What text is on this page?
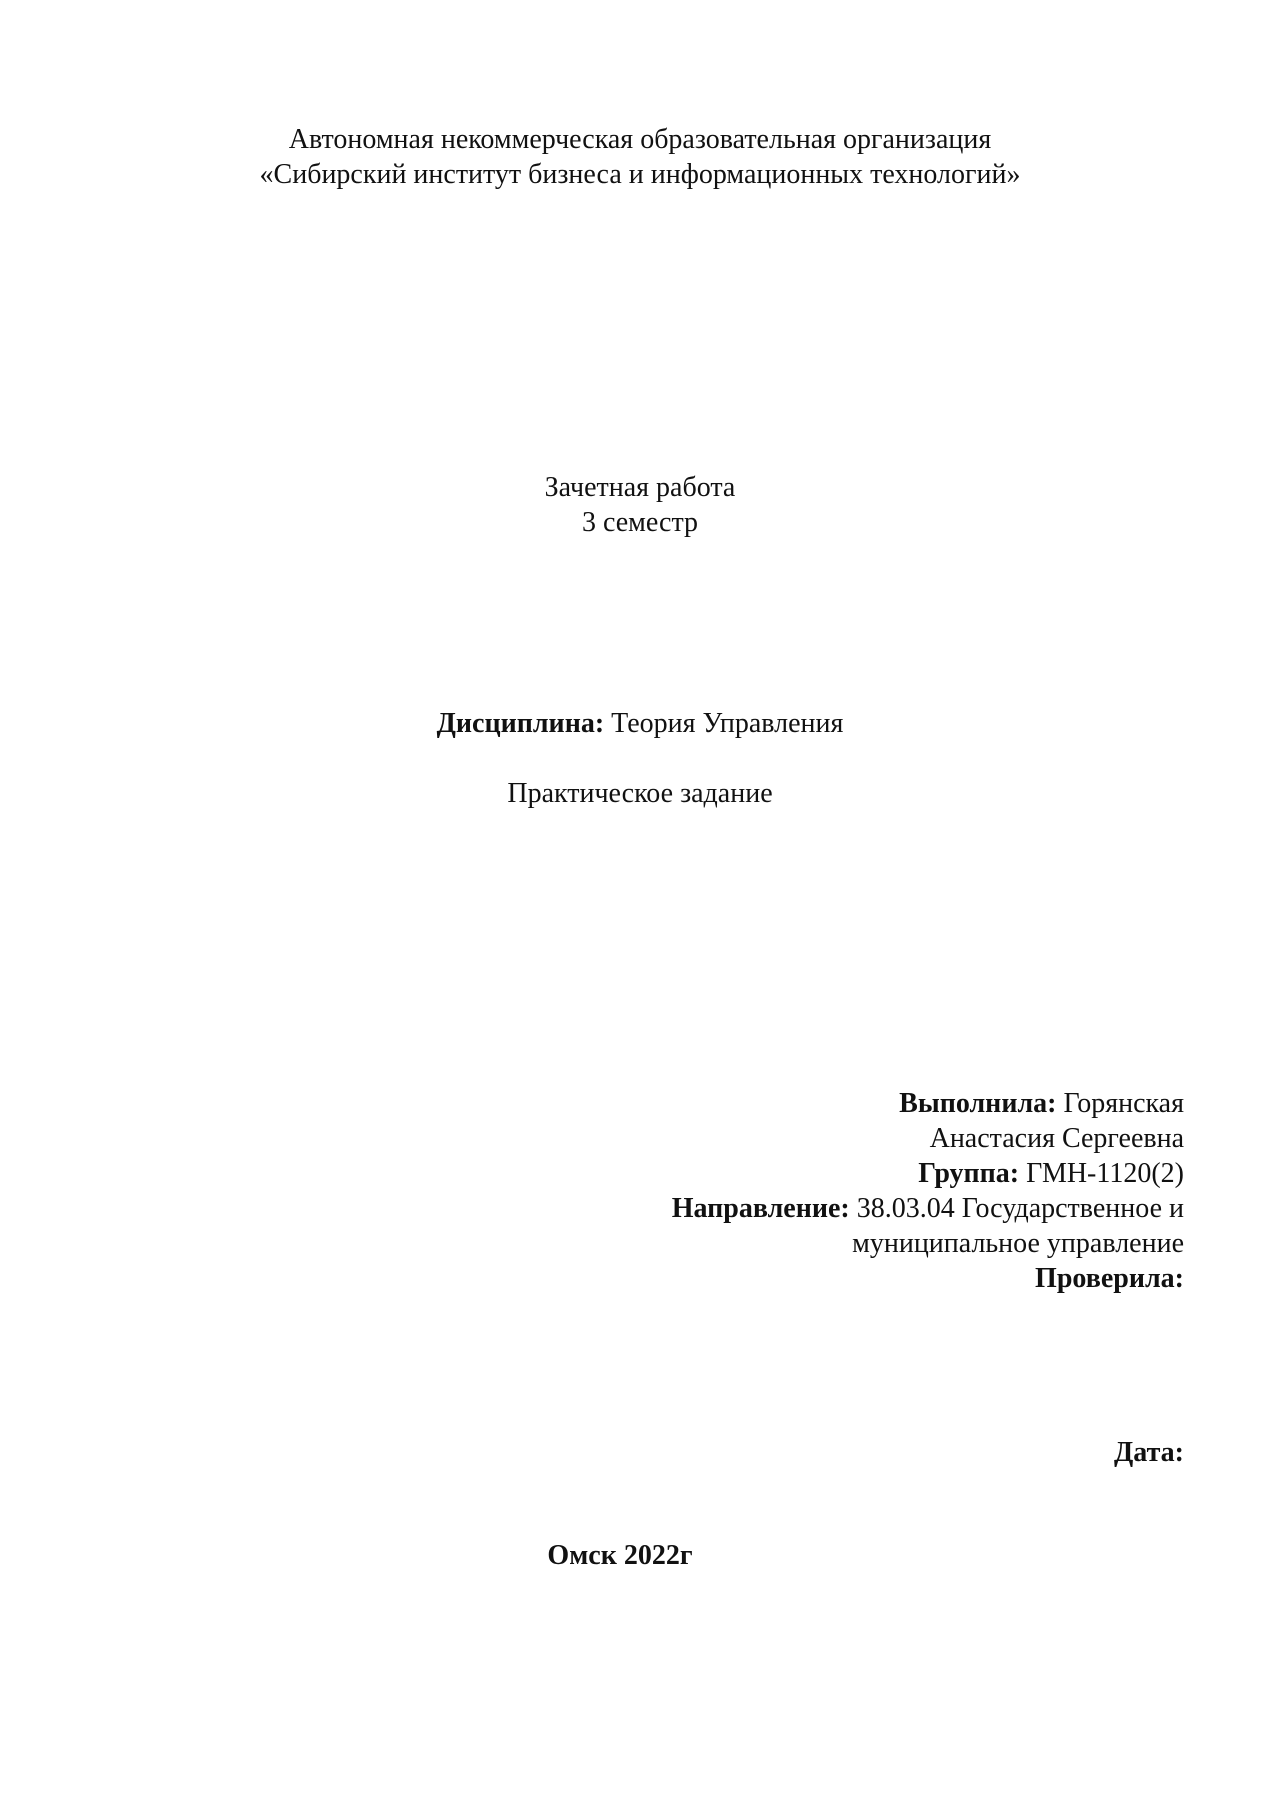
Автономная некоммерческая образовательная организация
«Сибирский институт бизнеса и информационных технологий»
Зачетная работа
3 семестр
Дисциплина: Теория Управления
Практическое задание
Выполнила: Горянская
Анастасия Сергеевна
Группа: ГМН-1120(2)
Направление: 38.03.04 Государственное и
муниципальное управление
Проверила:
Дата:
Омск 2022г
